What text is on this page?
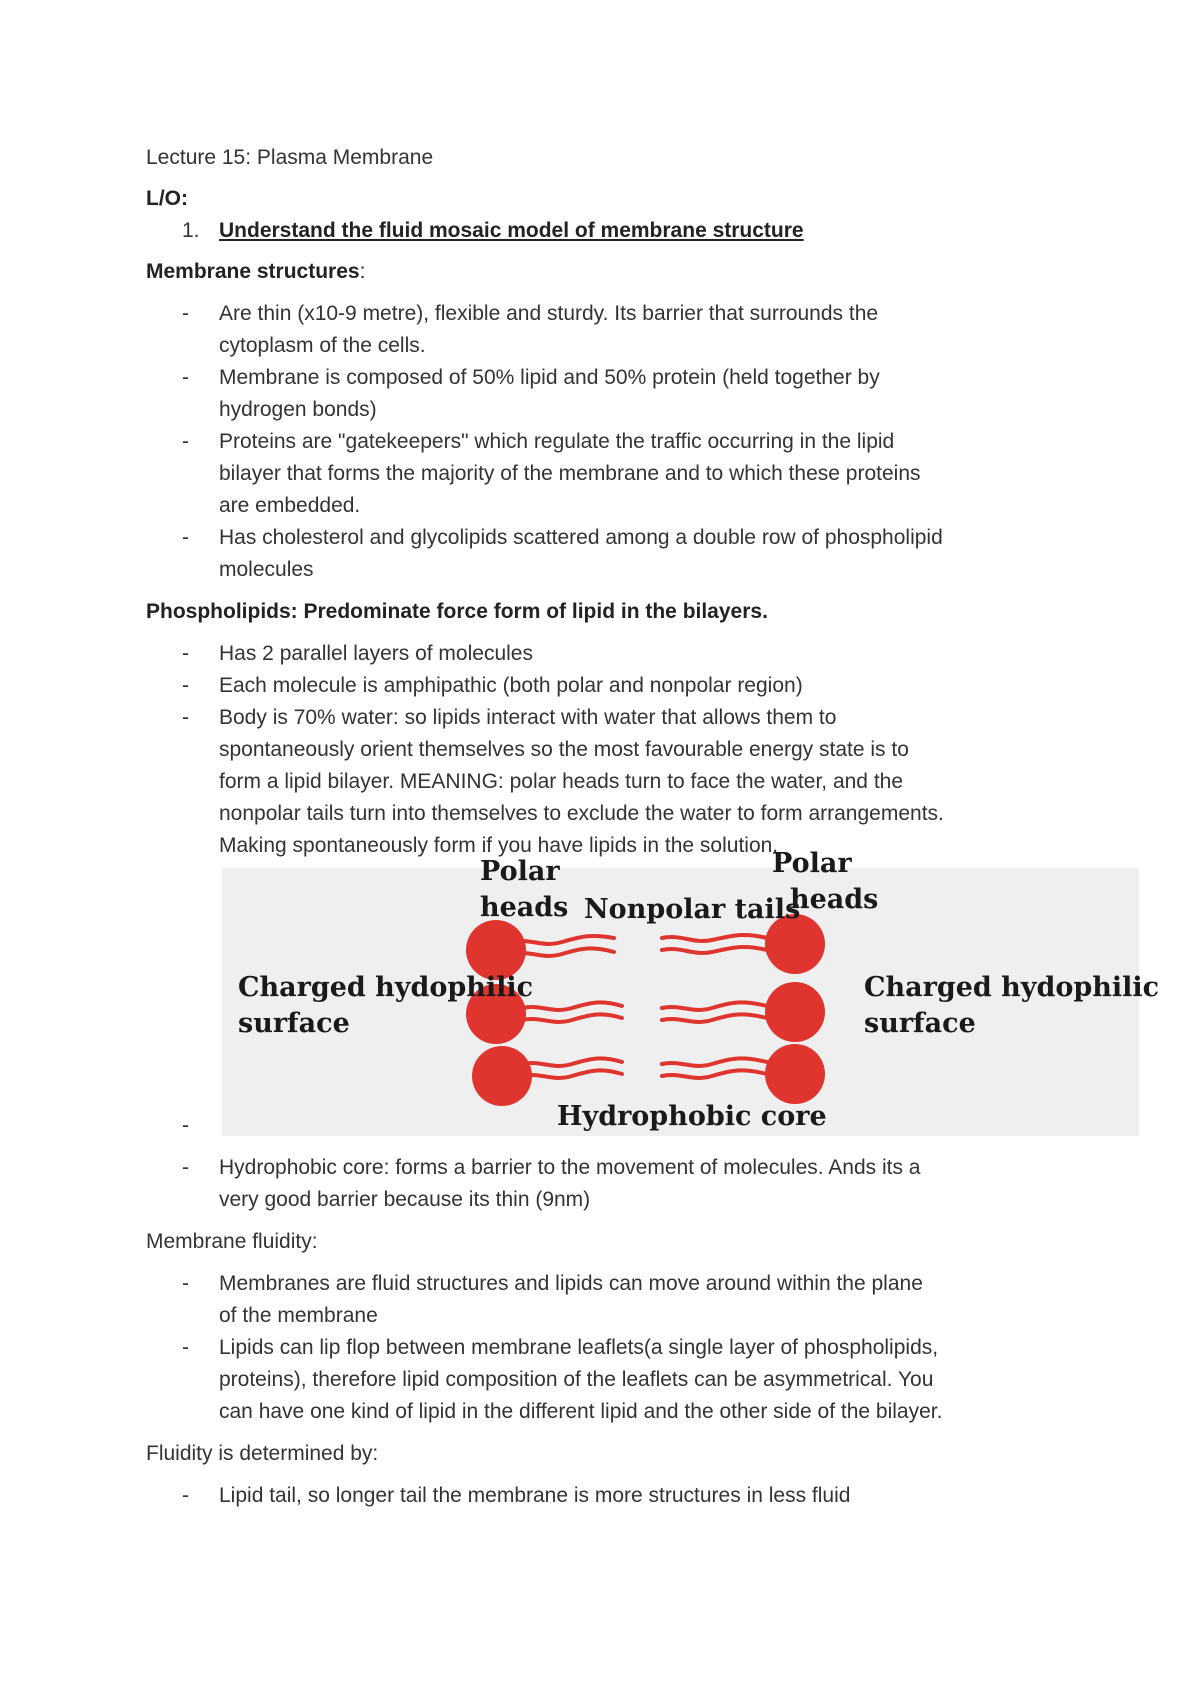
Lecture 15: Plasma Membrane
L/O:
1. Understand the fluid mosaic model of membrane structure
Membrane structures:
- Are thin (x10-9 metre), flexible and sturdy. Its barrier that surrounds the
cytoplasm of the cells.
- Membrane is composed of 50% lipid and 50% protein (held together by
hydrogen bonds)
- Proteins are "gatekeepers" which regulate the traffic occurring in the lipid
bilayer that forms the majority of the membrane and to which these proteins
are embedded.
- Has cholesterol and glycolipids scattered among a double row of phospholipid
molecules
Phospholipids: Predominate force form of lipid in the bilayers.
- Has 2 parallel layers of molecules
- Each molecule is amphipathic (both polar and nonpolar region)
- Body is 70% water: so lipids interact with water that allows them to
spontaneously orient themselves so the most favourable energy state is to
form a lipid bilayer. MEANING: polar heads turn to face the water, and the
nonpolar tails turn into themselves to exclude the water to form arrangements.
Making spontaneously form if you have lipids in the solution.
-
Polar
heads Nonpolar tails
Polar
heads
Charged hydophilic
surface
Charged hydophilic
surface
Hydrophobic core
- Hydrophobic core: forms a barrier to the movement of molecules. Ands its a
very good barrier because its thin (9nm)
Membrane fluidity:
- Membranes are fluid structures and lipids can move around within the plane
of the membrane
- Lipids can lip flop between membrane leaflets(a single layer of phospholipids,
proteins), therefore lipid composition of the leaflets can be asymmetrical. You
can have one kind of lipid in the different lipid and the other side of the bilayer.
Fluidity is determined by:
- Lipid tail, so longer tail the membrane is more structures in less fluid
